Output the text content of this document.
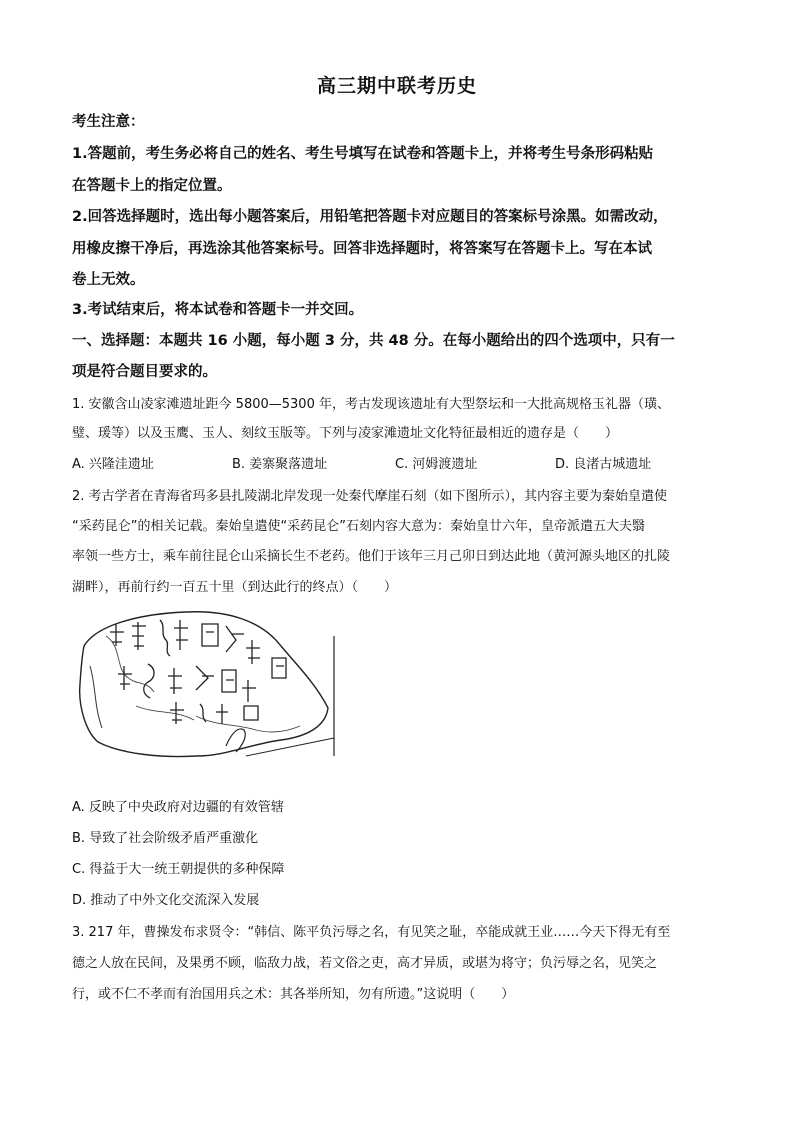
高三期中联考历史
考生注意：
1.答题前，考生务必将自己的姓名、考生号填写在试卷和答题卡上，并将考生号条形码粘贴
在答题卡上的指定位置。
2.回答选择题时，选出每小题答案后，用铅笔把答题卡对应题目的答案标号涂黑。如需改动，
用橡皮擦干净后，再选涂其他答案标号。回答非选择题时，将答案写在答题卡上。写在本试
卷上无效。
3.考试结束后，将本试卷和答题卡一并交回。
一、选择题：本题共 16 小题，每小题 3 分，共 48 分。在每小题给出的四个选项中，只有一
项是符合题目要求的。
1. 安徽含山凌家滩遗址距今 5800—5300 年，考古发现该遗址有大型祭坛和一大批高规格玉礼器（璜、
璧、瑗等）以及玉鹰、玉人、刻纹玉版等。下列与凌家滩遗址文化特征最相近的遗存是（　　）
A. 兴隆洼遗址	B. 姜寨聚落遗址	C. 河姆渡遗址	D. 良渚古城遗址
2. 考古学者在青海省玛多县扎陵湖北岸发现一处秦代摩崖石刻（如下图所示），其内容主要为秦始皇遣使
“采药昆仑”的相关记载。秦始皇遣使“采药昆仑”石刻内容大意为：秦始皇廿六年，皇帝派遣五大夫翳
率领一些方士，乘车前往昆仑山采摘长生不老药。他们于该年三月己卯日到达此地（黄河源头地区的扎陵
湖畔），再前行约一百五十里（到达此行的终点）（　　）
A. 反映了中央政府对边疆的有效管辖
B. 导致了社会阶级矛盾严重激化
C. 得益于大一统王朝提供的多种保障
D. 推动了中外文化交流深入发展
3. 217 年，曹操发布求贤令：“韩信、陈平负污辱之名，有见笑之耻，卒能成就王业……今天下得无有至
德之人放在民间，及果勇不顾，临敌力战，若文俗之吏，高才异质，或堪为将守；负污辱之名，见笑之
行，或不仁不孝而有治国用兵之术：其各举所知，勿有所遗。”这说明（　　）
